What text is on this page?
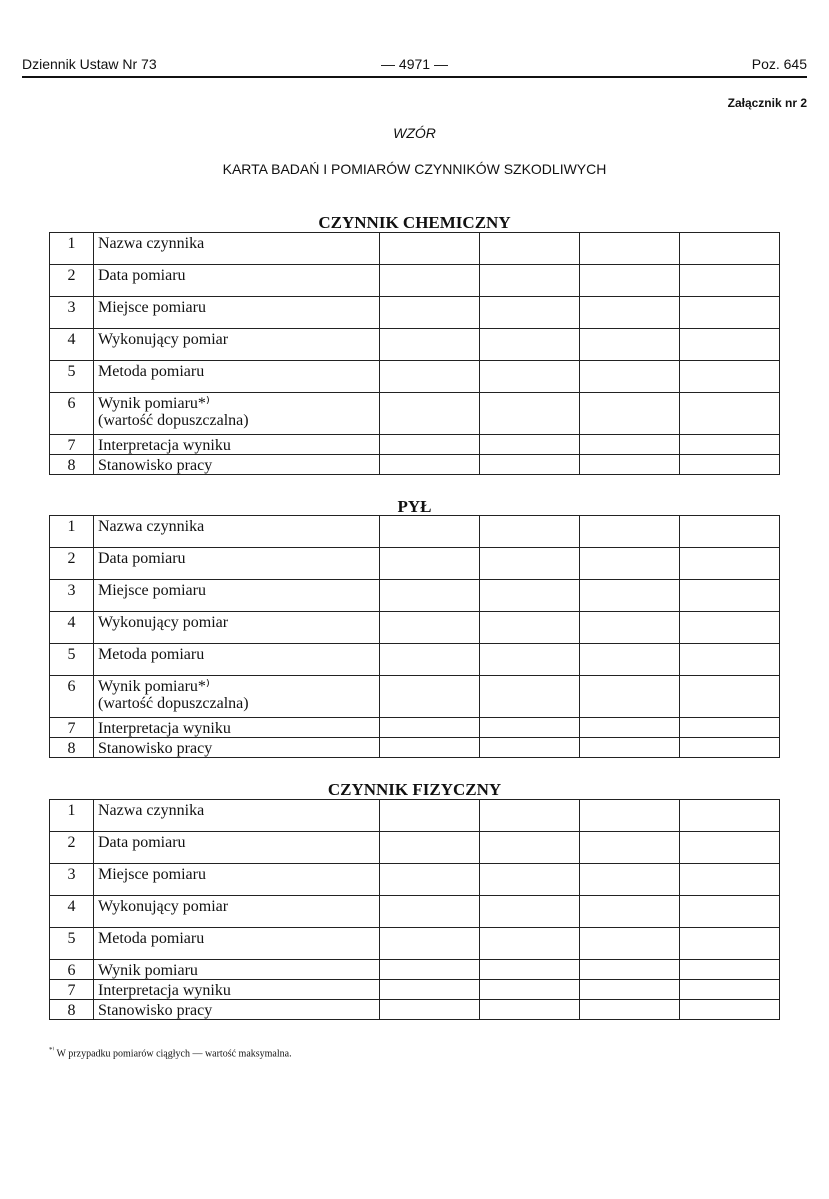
Dziennik Ustaw Nr 73	— 4971 —	Poz. 645
Załącznik nr 2
WZÓR
KARTA BADAŃ I POMIARÓW CZYNNIKÓW SZKODLIWYCH
CZYNNIK CHEMICZNY
1	Nazwa czynnika				
2	Data pomiaru				
3	Miejsce pomiaru				
4	Wykonujący pomiar				
5	Metoda pomiaru				
6	Wynik pomiaru*⁾
(wartość dopuszczalna)				

7	Interpretacja wyniku				
8	Stanowisko pracy				
PYŁ
1	Nazwa czynnika				
2	Data pomiaru				
3	Miejsce pomiaru				
4	Wykonujący pomiar				
5	Metoda pomiaru				
6	Wynik pomiaru*⁾
(wartość dopuszczalna)				

7	Interpretacja wyniku				
8	Stanowisko pracy				
CZYNNIK FIZYCZNY
1	Nazwa czynnika				
2	Data pomiaru				
3	Miejsce pomiaru				
4	Wykonujący pomiar				
5	Metoda pomiaru				
6	Wynik pomiaru				
7	Interpretacja wyniku				
8	Stanowisko pracy				
*⁾ W przypadku pomiarów ciągłych — wartość maksymalna.
